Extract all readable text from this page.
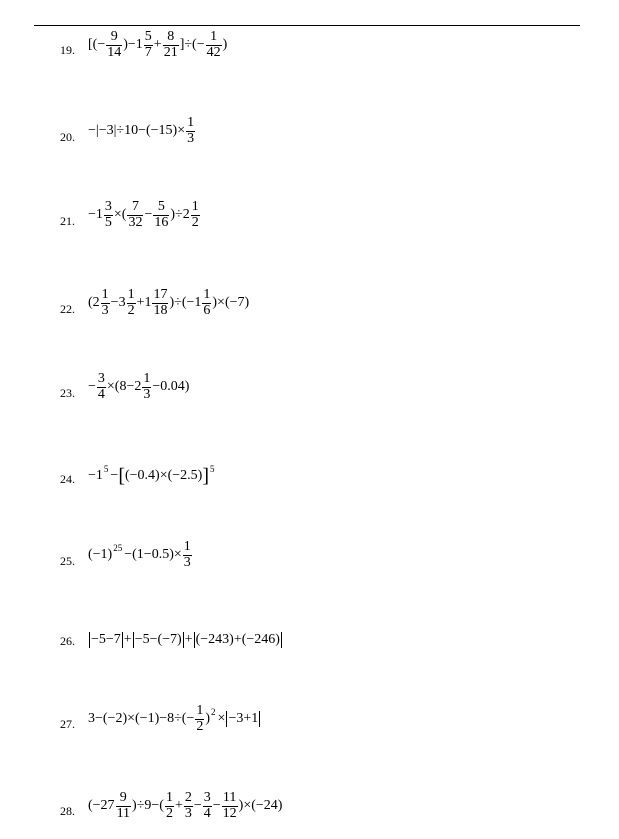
19. [(−
9
14 )−1
5
7 +
8
21 ]÷(−
1
42 )
20. −|−3|÷10−(−15)×
1
3
21. −1
3
5 ×(
7
32 −
5
16 )÷2
1
2
22. (2
1
3 −3
1
2 +1
17
18 )÷(−1
1
6 )×(−7)
23. −
3
4 ×(8−2
1
3 −0.04)
24. −1 5 − [ (−0.4)×(−2.5) ] 5
25. (−1) 25 −(1−0.5)×
1
3
26. −5−7 + −5−(−7) + (−243)+(−246)
27. 3−(−2)×(−1)−8÷(−
1
2 ) 2 × −3+1
28. (−27
9
11 )÷9−(
1
2 +
2
3 −
3
4 −
11
12 )×(−24)
